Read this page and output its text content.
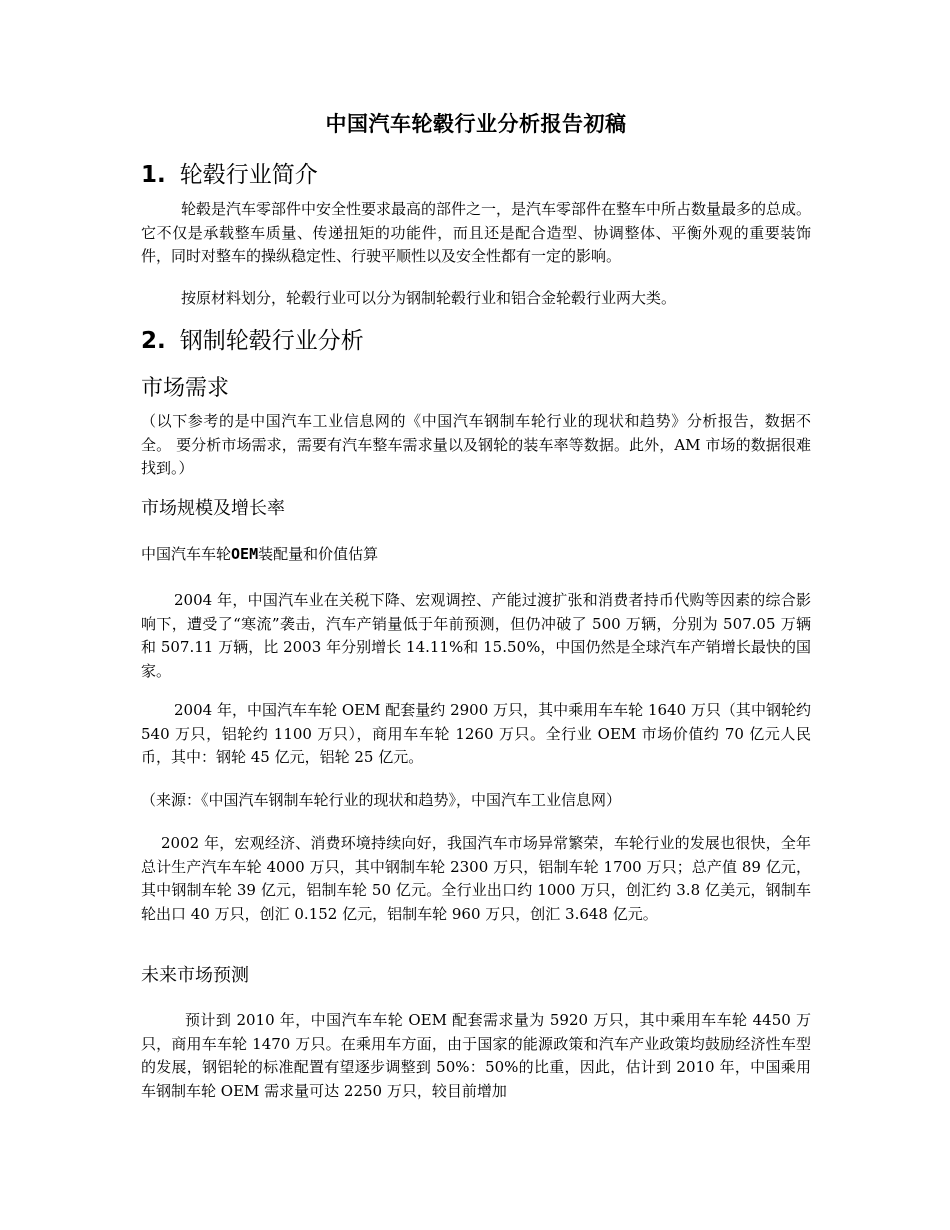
中国汽车轮毂行业分析报告初稿
1. 轮毂行业简介
轮毂是汽车零部件中安全性要求最高的部件之一，是汽车零部件在整车中所占数量最多的总成。它不仅是承载整车质量、传递扭矩的功能件，而且还是配合造型、协调整体、平衡外观的重要装饰件，同时对整车的操纵稳定性、行驶平顺性以及安全性都有一定的影响。
按原材料划分，轮毂行业可以分为钢制轮毂行业和铝合金轮毂行业两大类。
2. 钢制轮毂行业分析
市场需求
（以下参考的是中国汽车工业信息网的《中国汽车钢制车轮行业的现状和趋势》分析报告，数据不全。 要分析市场需求，需要有汽车整车需求量以及钢轮的装车率等数据。此外，AM 市场的数据很难找到。）
市场规模及增长率
中国汽车车轮OEM装配量和价值估算
2004 年，中国汽车业在关税下降、宏观调控、产能过渡扩张和消费者持币代购等因素的综合影响下，遭受了“寒流”袭击，汽车产销量低于年前预测，但仍冲破了 500 万辆，分别为 507.05 万辆和 507.11 万辆，比 2003 年分别增长 14.11%和 15.50%，中国仍然是全球汽车产销增长最快的国家。
2004 年，中国汽车车轮 OEM 配套量约 2900 万只，其中乘用车车轮 1640 万只（其中钢轮约 540 万只，铝轮约 1100 万只），商用车车轮 1260 万只。全行业 OEM 市场价值约 70 亿元人民币，其中：钢轮 45 亿元，铝轮 25 亿元。
（来源：《中国汽车钢制车轮行业的现状和趋势》，中国汽车工业信息网）
2002 年，宏观经济、消费环境持续向好，我国汽车市场异常繁荣，车轮行业的发展也很快，全年总计生产汽车车轮 4000 万只，其中钢制车轮 2300 万只，铝制车轮 1700 万只；总产值 89 亿元，其中钢制车轮 39 亿元，铝制车轮 50 亿元。全行业出口约 1000 万只，创汇约 3.8 亿美元，钢制车轮出口 40 万只，创汇 0.152 亿元，铝制车轮 960 万只，创汇 3.648 亿元。
未来市场预测
预计到 2010 年，中国汽车车轮 OEM 配套需求量为 5920 万只，其中乘用车车轮 4450 万只，商用车车轮 1470 万只。在乘用车方面，由于国家的能源政策和汽车产业政策均鼓励经济性车型的发展，钢铝轮的标准配置有望逐步调整到 50%：50%的比重，因此，估计到 2010 年，中国乘用车钢制车轮 OEM 需求量可达 2250 万只，较目前增加
